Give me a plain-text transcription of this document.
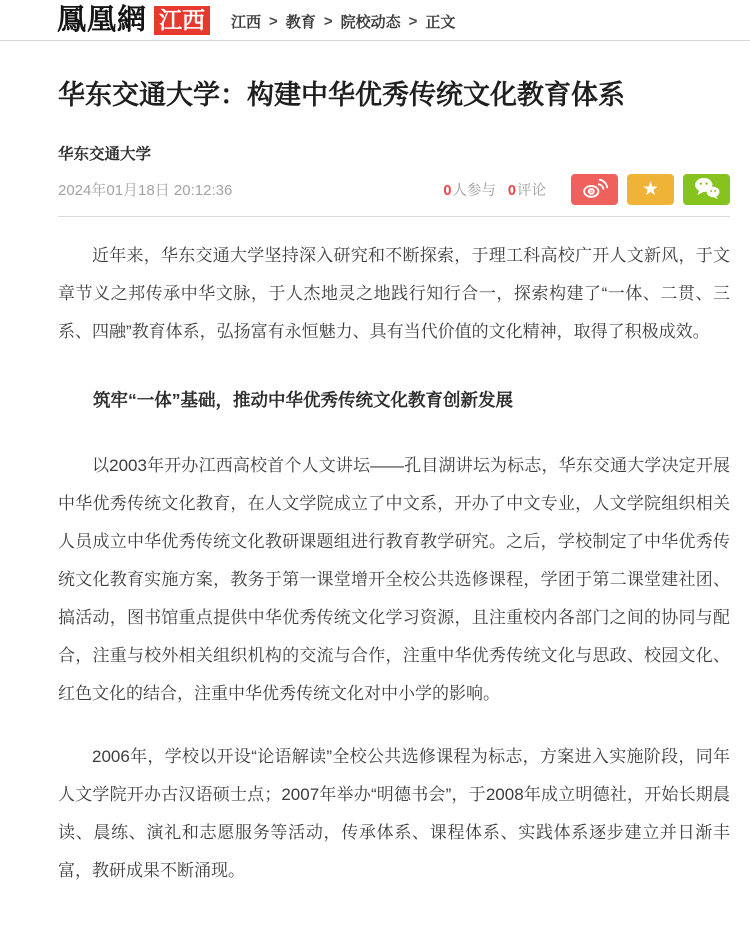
鳳凰網 江西	江西 > 教育 > 院校动态 > 正文
华东交通大学：构建中华优秀传统文化教育体系
华东交通大学
2024年01月18日 20:12:36	0人参与 0评论	★

近年来，华东交通大学坚持深入研究和不断探索，于理工科高校广开人文新风，于文章节义之邦传承中华文脉，于人杰地灵之地践行知行合一，探索构建了“一体、二贯、三系、四融”教育体系，弘扬富有永恒魅力、具有当代价值的文化精神，取得了积极成效。

筑牢“一体”基础，推动中华优秀传统文化教育创新发展

以2003年开办江西高校首个人文讲坛——孔目湖讲坛为标志，华东交通大学决定开展中华优秀传统文化教育，在人文学院成立了中文系，开办了中文专业，人文学院组织相关人员成立中华优秀传统文化教研课题组进行教育教学研究。之后，学校制定了中华优秀传统文化教育实施方案，教务于第一课堂增开全校公共选修课程，学团于第二课堂建社团、搞活动，图书馆重点提供中华优秀传统文化学习资源，且注重校内各部门之间的协同与配合，注重与校外相关组织机构的交流与合作，注重中华优秀传统文化与思政、校园文化、红色文化的结合，注重中华优秀传统文化对中小学的影响。

2006年，学校以开设“论语解读”全校公共选修课程为标志，方案进入实施阶段，同年人文学院开办古汉语硕士点；2007年举办“明德书会”，于2008年成立明德社，开始长期晨读、晨练、演礼和志愿服务等活动，传承体系、课程体系、实践体系逐步建立并日渐丰富，教研成果不断涌现。
